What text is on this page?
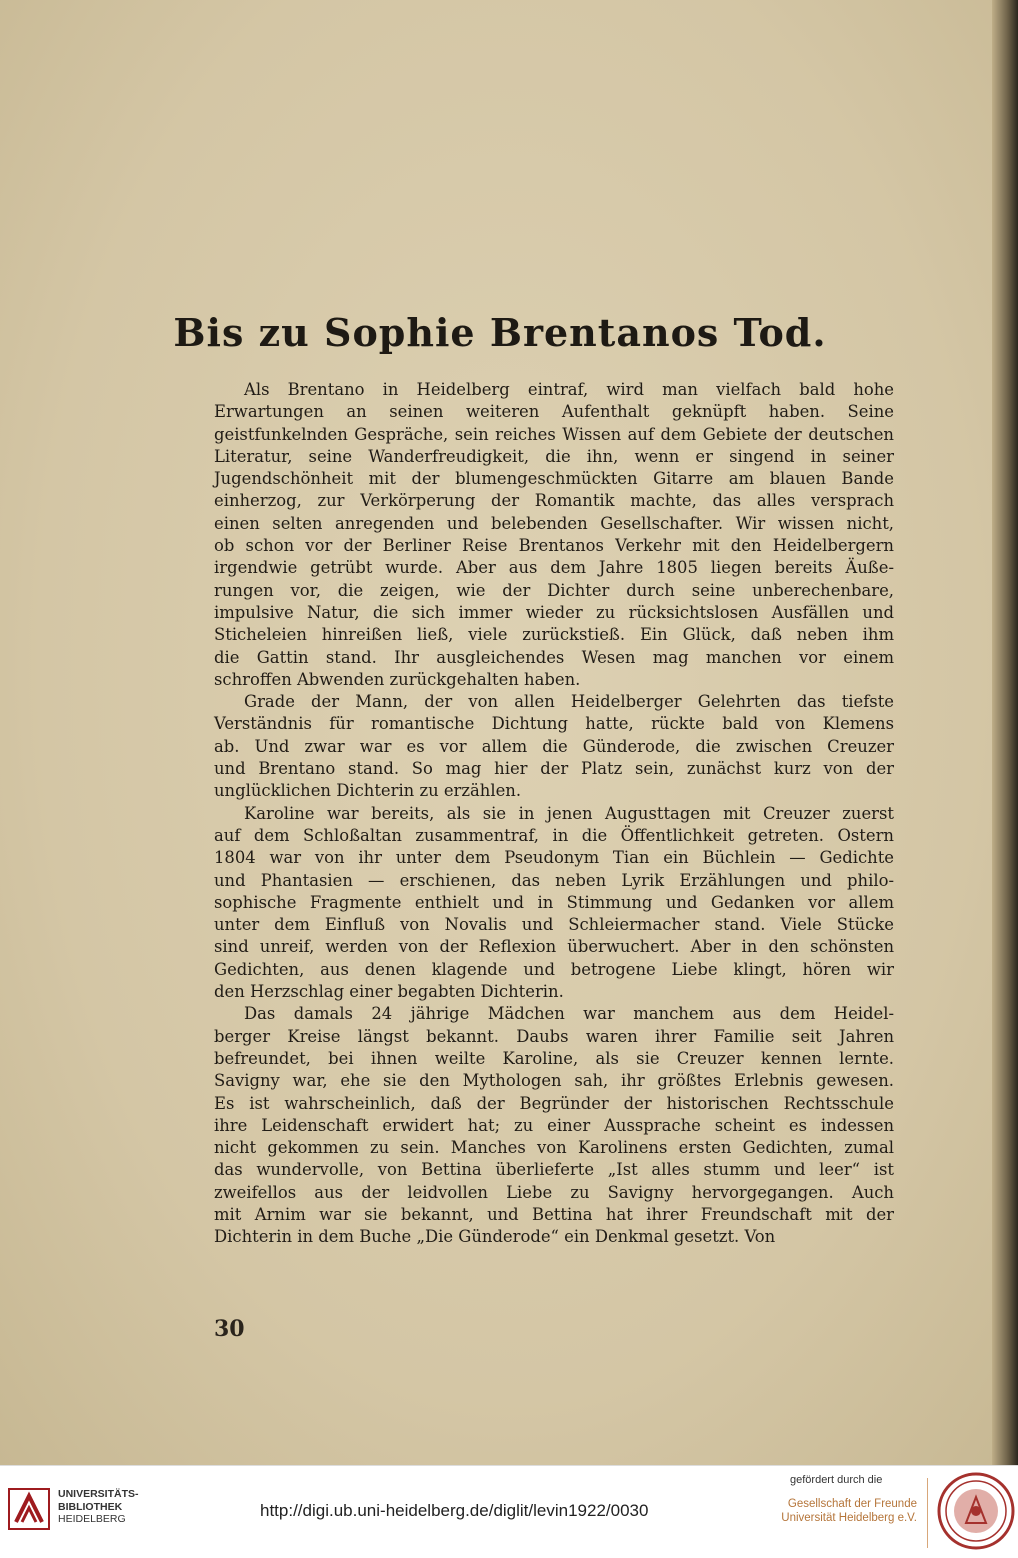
Bis zu Sophie Brentanos Tod.
Als Brentano in Heidelberg eintraf, wird man vielfach bald hohe
Erwartungen an seinen weiteren Aufenthalt geknüpft haben. Seine
geistfunkelnden Gespräche, sein reiches Wissen auf dem Gebiete der deutschen
Literatur, seine Wanderfreudigkeit, die ihn, wenn er singend in seiner
Jugendschönheit mit der blumengeschmückten Gitarre am blauen Bande
einherzog, zur Verkörperung der Romantik machte, das alles versprach
einen selten anregenden und belebenden Gesellschafter. Wir wissen nicht,
ob schon vor der Berliner Reise Brentanos Verkehr mit den Heidelbergern
irgendwie getrübt wurde. Aber aus dem Jahre 1805 liegen bereits Äuße-
rungen vor, die zeigen, wie der Dichter durch seine unberechenbare,
impulsive Natur, die sich immer wieder zu rücksichtslosen Ausfällen und
Sticheleien hinreißen ließ, viele zurückstieß. Ein Glück, daß neben ihm
die Gattin stand. Ihr ausgleichendes Wesen mag manchen vor einem
schroffen Abwenden zurückgehalten haben.
Grade der Mann, der von allen Heidelberger Gelehrten das tiefste
Verständnis für romantische Dichtung hatte, rückte bald von Klemens
ab. Und zwar war es vor allem die Günderode, die zwischen Creuzer
und Brentano stand. So mag hier der Platz sein, zunächst kurz von der
unglücklichen Dichterin zu erzählen.
Karoline war bereits, als sie in jenen Augusttagen mit Creuzer zuerst
auf dem Schloßaltan zusammentraf, in die Öffentlichkeit getreten. Ostern
1804 war von ihr unter dem Pseudonym Tian ein Büchlein — Gedichte
und Phantasien — erschienen, das neben Lyrik Erzählungen und philo-
sophische Fragmente enthielt und in Stimmung und Gedanken vor allem
unter dem Einfluß von Novalis und Schleiermacher stand. Viele Stücke
sind unreif, werden von der Reflexion überwuchert. Aber in den schönsten
Gedichten, aus denen klagende und betrogene Liebe klingt, hören wir
den Herzschlag einer begabten Dichterin.
Das damals 24 jährige Mädchen war manchem aus dem Heidel-
berger Kreise längst bekannt. Daubs waren ihrer Familie seit Jahren
befreundet, bei ihnen weilte Karoline, als sie Creuzer kennen lernte.
Savigny war, ehe sie den Mythologen sah, ihr größtes Erlebnis gewesen.
Es ist wahrscheinlich, daß der Begründer der historischen Rechtsschule
ihre Leidenschaft erwidert hat; zu einer Aussprache scheint es indessen
nicht gekommen zu sein. Manches von Karolinens ersten Gedichten, zumal
das wundervolle, von Bettina überlieferte „Ist alles stumm und leer“ ist
zweifellos aus der leidvollen Liebe zu Savigny hervorgegangen. Auch
mit Arnim war sie bekannt, und Bettina hat ihrer Freundschaft mit der
Dichterin in dem Buche „Die Günderode“ ein Denkmal gesetzt. Von
30
UNIVERSITÄTS-
BIBLIOTHEK
HEIDELBERG	http://digi.ub.uni-heidelberg.de/diglit/levin1922/0030
gefördert durch die
Gesellschaft der Freunde
Universität Heidelberg e.V.
